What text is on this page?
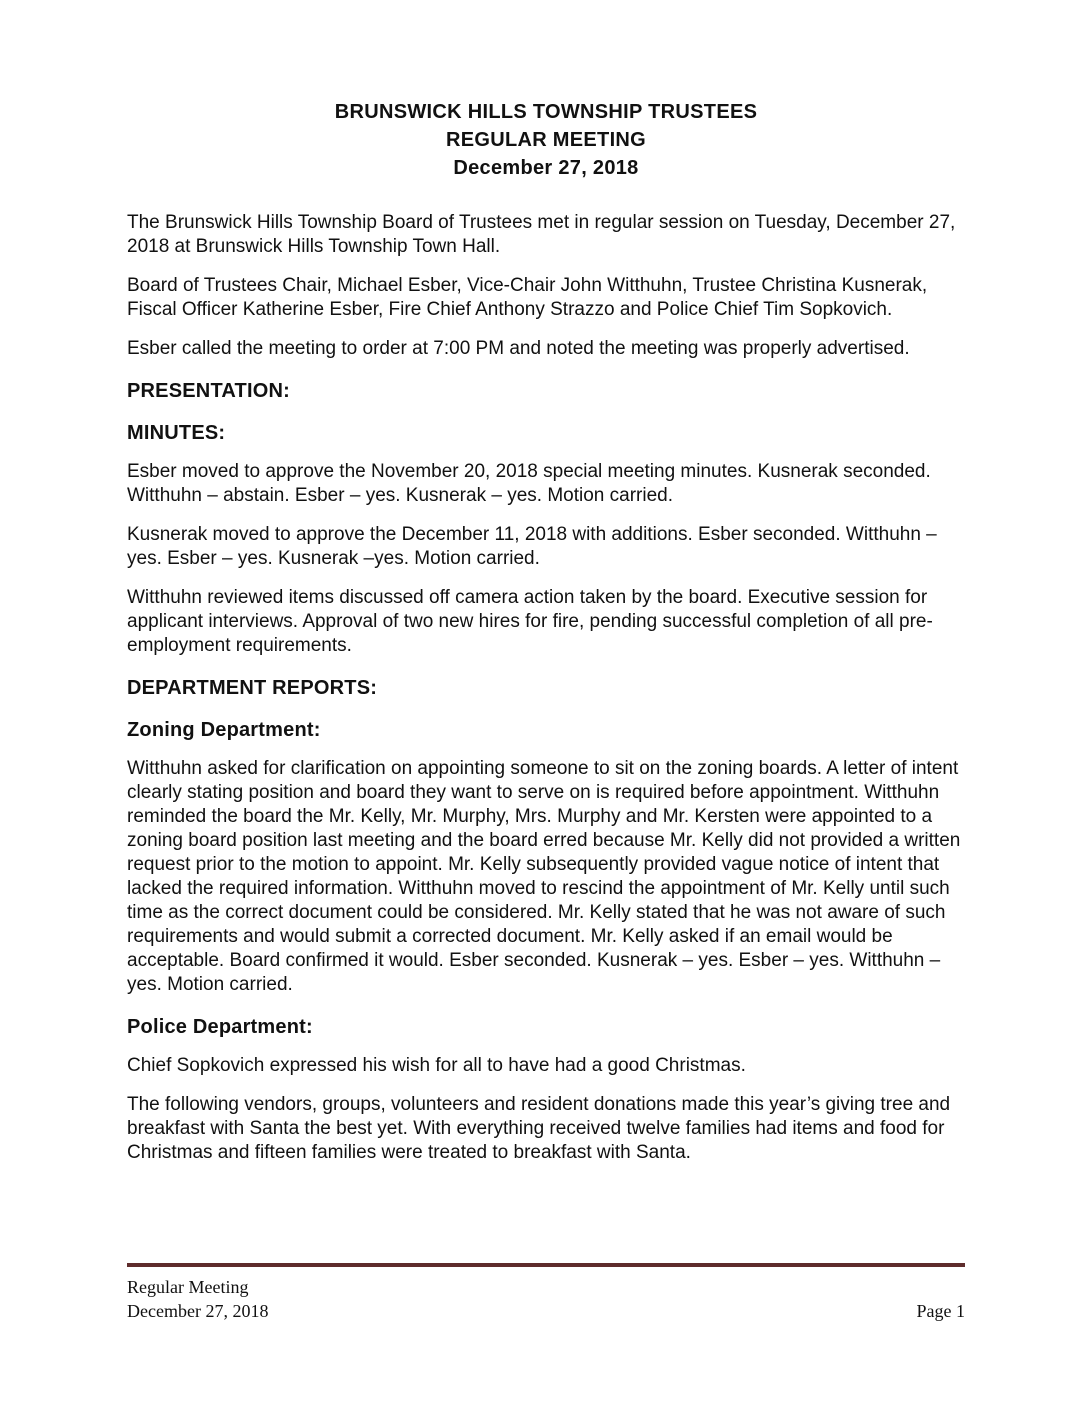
BRUNSWICK HILLS TOWNSHIP TRUSTEES
REGULAR MEETING
December 27, 2018

The Brunswick Hills Township Board of Trustees met in regular session on Tuesday, December 27, 2018 at Brunswick Hills Township Town Hall.

Board of Trustees Chair, Michael Esber, Vice-Chair John Witthuhn, Trustee Christina Kusnerak, Fiscal Officer Katherine Esber, Fire Chief Anthony Strazzo and Police Chief Tim Sopkovich.

Esber called the meeting to order at 7:00 PM and noted the meeting was properly advertised.

PRESENTATION:
MINUTES:

Esber moved to approve the November 20, 2018 special meeting minutes. Kusnerak seconded. Witthuhn – abstain. Esber – yes. Kusnerak – yes. Motion carried.

Kusnerak moved to approve the December 11, 2018 with additions. Esber seconded. Witthuhn – yes. Esber – yes. Kusnerak –yes. Motion carried.

Witthuhn reviewed items discussed off camera action taken by the board. Executive session for applicant interviews. Approval of two new hires for fire, pending successful completion of all pre-employment requirements.

DEPARTMENT REPORTS:
Zoning Department:

Witthuhn asked for clarification on appointing someone to sit on the zoning boards. A letter of intent clearly stating position and board they want to serve on is required before appointment. Witthuhn reminded the board the Mr. Kelly, Mr. Murphy, Mrs. Murphy and Mr. Kersten were appointed to a zoning board position last meeting and the board erred because Mr. Kelly did not provided a written request prior to the motion to appoint. Mr. Kelly subsequently provided vague notice of intent that lacked the required information. Witthuhn moved to rescind the appointment of Mr. Kelly until such time as the correct document could be considered. Mr. Kelly stated that he was not aware of such requirements and would submit a corrected document. Mr. Kelly asked if an email would be acceptable. Board confirmed it would. Esber seconded. Kusnerak – yes. Esber – yes. Witthuhn – yes. Motion carried.

Police Department:

Chief Sopkovich expressed his wish for all to have had a good Christmas.

The following vendors, groups, volunteers and resident donations made this year’s giving tree and breakfast with Santa the best yet. With everything received twelve families had items and food for Christmas and fifteen families were treated to breakfast with Santa.

Regular Meeting
December 27, 2018	Page 1
